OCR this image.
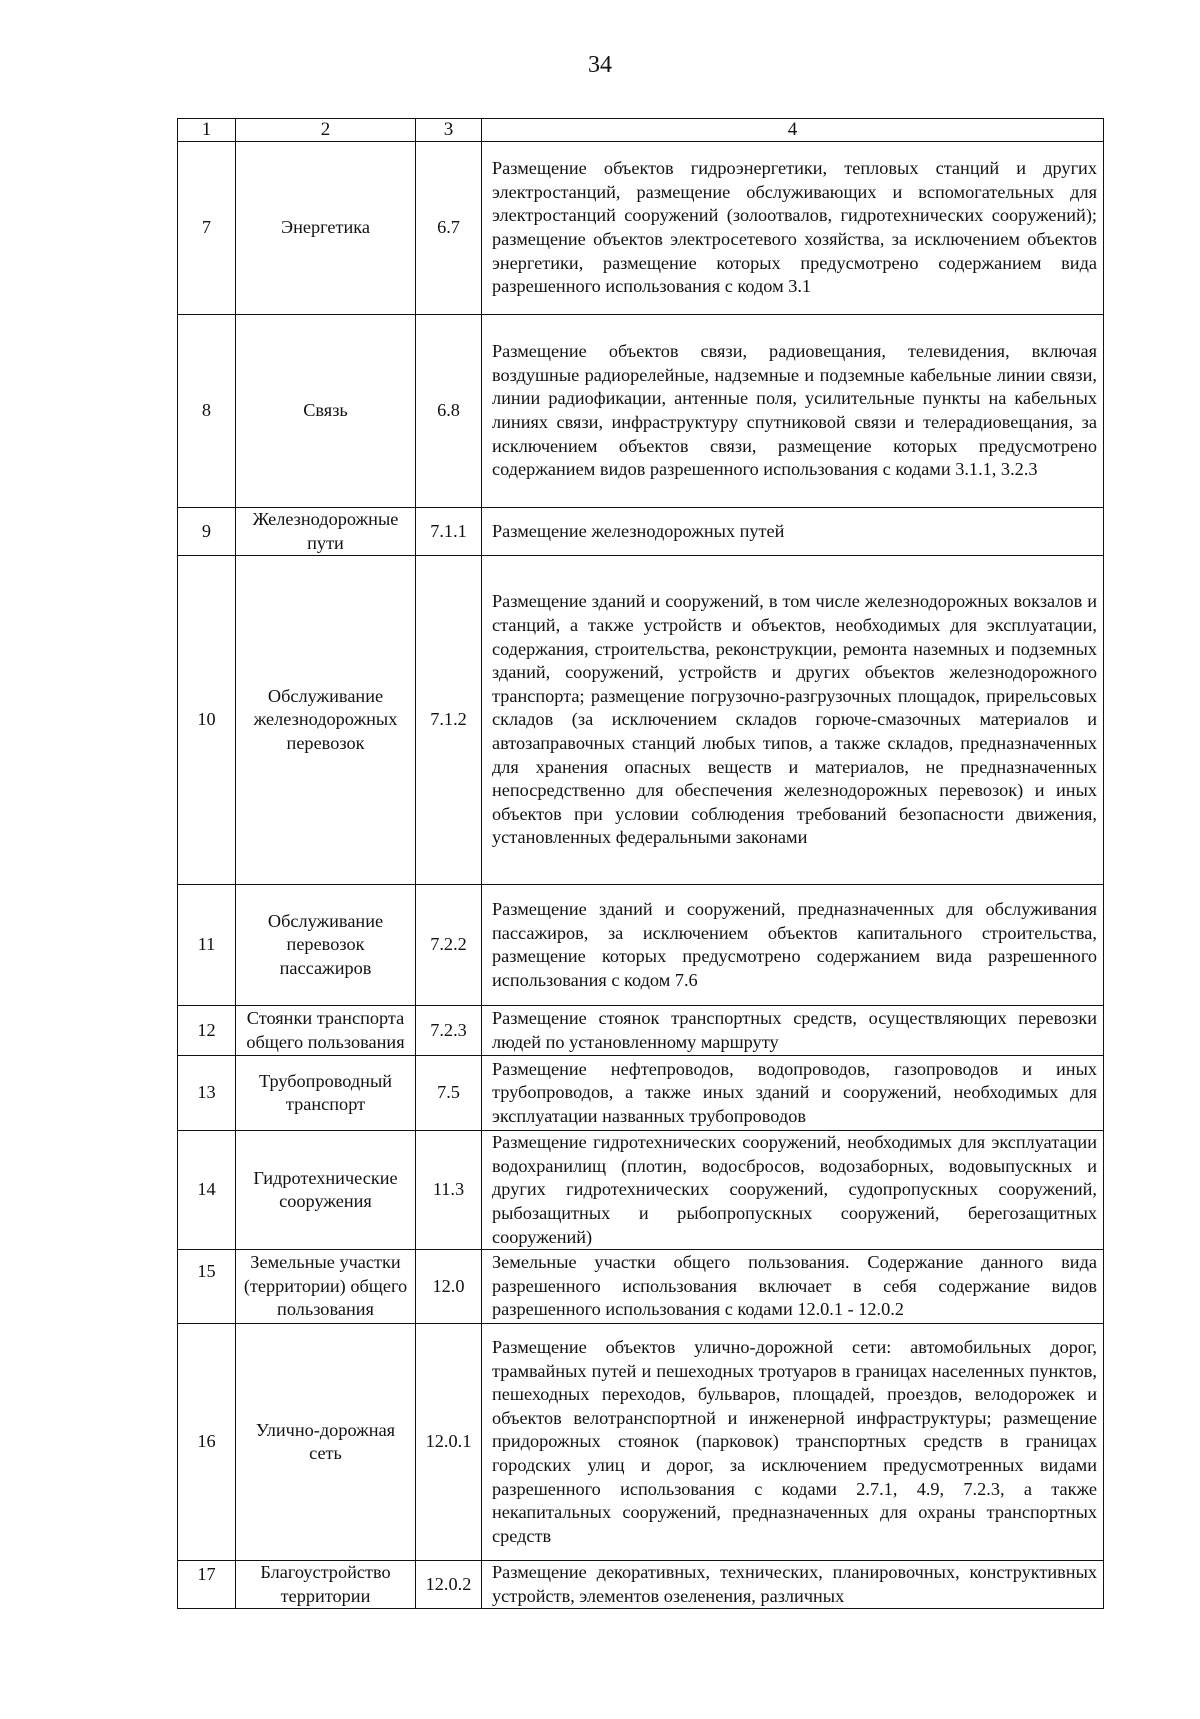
34
1	2	3	4
7	Энергетика	6.7	Размещение объектов гидроэнергетики, тепловых станций и других электростанций, размещение обслуживающих и вспомогательных для электростанций сооружений (золоотвалов, гидротехнических сооружений); размещение объектов электросетевого хозяйства, за исключением объектов энергетики, размещение которых предусмотрено содержанием вида разрешенного использования с кодом 3.1
8	Связь	6.8	Размещение объектов связи, радиовещания, телевидения, включая воздушные радиорелейные, надземные и подземные кабельные линии связи, линии радиофикации, антенные поля, усилительные пункты на кабельных линиях связи, инфраструктуру спутниковой связи и телерадиовещания, за исключением объектов связи, размещение которых предусмотрено содержанием видов разрешенного использования с кодами 3.1.1, 3.2.3
9	Железнодорожные пути	7.1.1	Размещение железнодорожных путей
10	Обслуживание железнодорожных перевозок	7.1.2	Размещение зданий и сооружений, в том числе железнодорожных вокзалов и станций, а также устройств и объектов, необходимых для эксплуатации, содержания, строительства, реконструкции, ремонта наземных и подземных зданий, сооружений, устройств и других объектов железнодорожного транспорта; размещение погрузочно-разгрузочных площадок, прирельсовых складов (за исключением складов горюче-смазочных материалов и автозаправочных станций любых типов, а также складов, предназначенных для хранения опасных веществ и материалов, не предназначенных непосредственно для обеспечения железнодорожных перевозок) и иных объектов при условии соблюдения требований безопасности движения, установленных федеральными законами
11	Обслуживание перевозок пассажиров	7.2.2	Размещение зданий и сооружений, предназначенных для обслуживания пассажиров, за исключением объектов капитального строительства, размещение которых предусмотрено содержанием вида разрешенного использования с кодом 7.6
12	Стоянки транспорта общего пользования	7.2.3	Размещение стоянок транспортных средств, осуществляющих перевозки людей по установленному маршруту
13	Трубопроводный транспорт	7.5	Размещение нефтепроводов, водопроводов, газопроводов и иных трубопроводов, а также иных зданий и сооружений, необходимых для эксплуатации названных трубопроводов
14	Гидротехнические сооружения	11.3	Размещение гидротехнических сооружений, необходимых для эксплуатации водохранилищ (плотин, водосбросов, водозаборных, водовыпускных и других гидротехнических сооружений, судопропускных сооружений, рыбозащитных и рыбопропускных сооружений, берегозащитных сооружений)
15	Земельные участки (территории) общего пользования	12.0	Земельные участки общего пользования. Содержание данного вида разрешенного использования включает в себя содержание видов разрешенного использования с кодами 12.0.1 - 12.0.2
16	Улично-дорожная сеть	12.0.1	Размещение объектов улично-дорожной сети: автомобильных дорог, трамвайных путей и пешеходных тротуаров в границах населенных пунктов, пешеходных переходов, бульваров, площадей, проездов, велодорожек и объектов велотранспортной и инженерной инфраструктуры; размещение придорожных стоянок (парковок) транспортных средств в границах городских улиц и дорог, за исключением предусмотренных видами разрешенного использования с кодами 2.7.1, 4.9, 7.2.3, а также некапитальных сооружений, предназначенных для охраны транспортных средств
17	Благоустройство территории	12.0.2	Размещение декоративных, технических, планировочных, конструктивных устройств, элементов озеленения, различных
